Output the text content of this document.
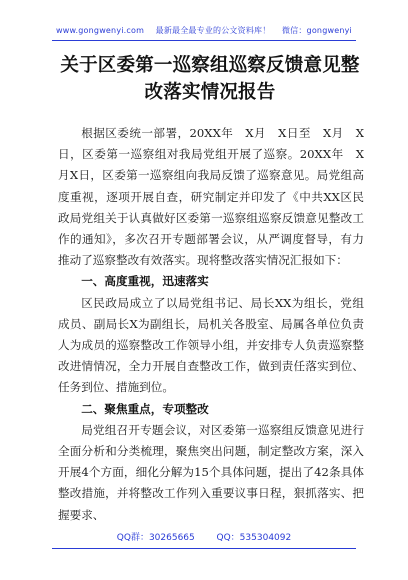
www.gongwenyi.com 最新最全最专业的公文资料库！ 微信：gongwenyi
关于区委第一巡察组巡察反馈意见整改落实情况报告

根据区委统一部署，20XX年　X月　X日至　X月　X日，区委第一巡察组对我局党组开展了巡察。20XX年　X月X日，区委第一巡察组向我局反馈了巡察意见。局党组高度重视，逐项开展自查，研究制定并印发了《中共XX区民政局党组关于认真做好区委第一巡察组巡察反馈意见整改工作的通知》，多次召开专题部署会议，从严调度督导，有力推动了巡察整改有效落实。现将整改落实情况汇报如下：

一、高度重视，迅速落实

区民政局成立了以局党组书记、局长XX为组长，党组成员、副局长X为副组长，局机关各股室、局属各单位负责人为成员的巡察整改工作领导小组，并安排专人负责巡察整改进情情况，全力开展自查整改工作，做到责任落实到位、任务到位、措施到位。

二、聚焦重点，专项整改

局党组召开专题会议，对区委第一巡察组反馈意见进行全面分析和分类梳理，聚焦突出问题，制定整改方案，深入开展4个方面，细化分解为15个具体问题，提出了42条具体整改措施，并将整改工作列入重要议事日程，狠抓落实、把握要求、

QQ群：30265665 QQ：535304092
